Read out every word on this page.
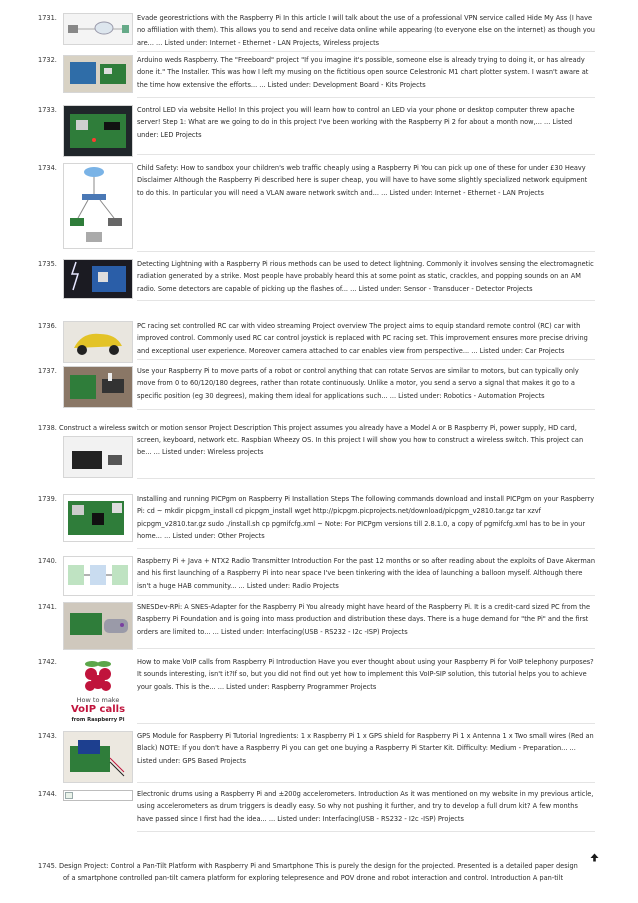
1731.	Evade georestrictions with the Raspberry Pi In this article I will talk about the use of a professional VPN service called Hide My Ass (I have no affiliation with them). This allows you to send and receive data online while appearing (to everyone else on the internet) as though you are... ... Listed under: Internet - Ethernet - LAN Projects, Wireless projects

1732.	Arduino weds Raspberry. The "Freeboard" project "If you imagine it's possible, someone else is already trying to doing it, or has already done it." The Installer. This was how I left my musing on the fictitious open source Celestronic M1 chart plotter system. I wasn't aware at the time how extensive the efforts... ... Listed under: Development Board - Kits Projects

1733.	Control LED via website Hello! In this project you will learn how to control an LED via your phone or desktop computer threw apache server! Step 1: What are we going to do in this project I've been working with the Raspberry Pi 2 for about a month now,... ... Listed under: LED Projects

1734.	Child Safety: How to sandbox your children's web traffic cheaply using a Raspberry Pi You can pick up one of these for under £30 Heavy Disclaimer Although the Raspberry Pi described here is super cheap, you will have to have some slightly specialized network equipment to do this. In particular you will need a VLAN aware network switch and... ... Listed under: Internet - Ethernet - LAN Projects

1735.	Detecting Lightning with a Raspberry Pi rious methods can be used to detect lightning. Commonly it involves sensing the electromagnetic radiation generated by a strike. Most people have probably heard this at some point as static, crackles, and popping sounds on an AM radio. Some detectors are capable of picking up the flashes of... ... Listed under: Sensor - Transducer - Detector Projects

1736.	PC racing set controlled RC car with video streaming Project overview The project aims to equip standard remote control (RC) car with improved control. Commonly used RC car control joystick is replaced with PC racing set. This improvement ensures more precise driving and exceptional user experience. Moreover camera attached to car enables view from perspective... ... Listed under: Car Projects

1737.	Use your Raspberry Pi to move parts of a robot or control anything that can rotate Servos are similar to motors, but can typically only move from 0 to 60/120/180 degrees, rather than rotate continuously. Unlike a motor, you send a servo a signal that makes it go to a specific position (eg 30 degrees), making them ideal for applications such... ... Listed under: Robotics - Automation Projects

1738. Construct a wireless switch or motion sensor Project Description This project assumes you already have a Model A or B Raspberry Pi, power supply, HD card,

screen, keyboard, network etc. Raspbian Wheezy OS. In this project I will show you how to construct a wireless switch. This project can be... ... Listed under: Wireless projects

1739.	Installing and running PICPgm on Raspberry Pi Installation Steps The following commands download and install PICPgm on your Raspberry Pi: cd ~ mkdir picpgm_install cd picpgm_install wget http://picpgm.picprojects.net/download/picpgm_v2810.tar.gz tar xzvf picpgm_v2810.tar.gz sudo ./install.sh cp pgmifcfg.xml ~ Note: For PICPgm versions till 2.8.1.0, a copy of pgmifcfg.xml has to be in your home... ... Listed under: Other Projects

1740.	Raspberry Pi + Java + NTX2 Radio Transmitter Introduction For the past 12 months or so after reading about the exploits of Dave Akerman and his first launching of a Raspberry Pi into near space I've been tinkering with the idea of launching a balloon myself. Although there isn't a huge HAB community... ... Listed under: Radio Projects

1741.	SNESDev-RPi: A SNES-Adapter for the Raspberry Pi You already might have heard of the Raspberry Pi. It is a credit-card sized PC from the Raspberry Pi Foundation and is going into mass production and distribution these days. There is a huge demand for "the Pi" and the first orders are limited to... ... Listed under: Interfacing(USB - RS232 - I2c -ISP) Projects

1742.
How to make
VoIP calls
from Raspberry Pi

How to make VoIP calls from Raspberry Pi Introduction Have you ever thought about using your Raspberry Pi for VoIP telephony purposes?It sounds interesting, isn't it?If so, but you did not find out yet how to implement this VoIP-SIP solution, this tutorial helps you to achieve your goals. This is the... ... Listed under: Raspberry Programmer Projects

1743.	GPS Module for Raspberry Pi Tutorial Ingredients: 1 x Raspberry Pi 1 x GPS shield for Raspberry Pi 1 x Antenna 1 x Two small wires (Red an Black) NOTE: If you don't have a Raspberry Pi you can get one buying a Raspberry Pi Starter Kit. Difficulty: Medium - Preparation... ... Listed under: GPS Based Projects

1744.	Electronic drums using a Raspberry Pi and ±200g accelerometers. Introduction As it was mentioned on my website in my previous article, using accelerometers as drum triggers is deadly easy. So why not pushing it further, and try to develop a full drum kit? A few months have passed since I first had the idea... ... Listed under: Interfacing(USB - RS232 - I2c -ISP) Projects

1745. Design Project: Control a Pan-Tilt Platform with Raspberry Pi and Smartphone This is purely the design for the projected. Presented is a detailed paper design

of a smartphone controlled pan-tilt camera platform for exploring telepresence and POV drone and robot interaction and control. Introduction A pan-tilt
